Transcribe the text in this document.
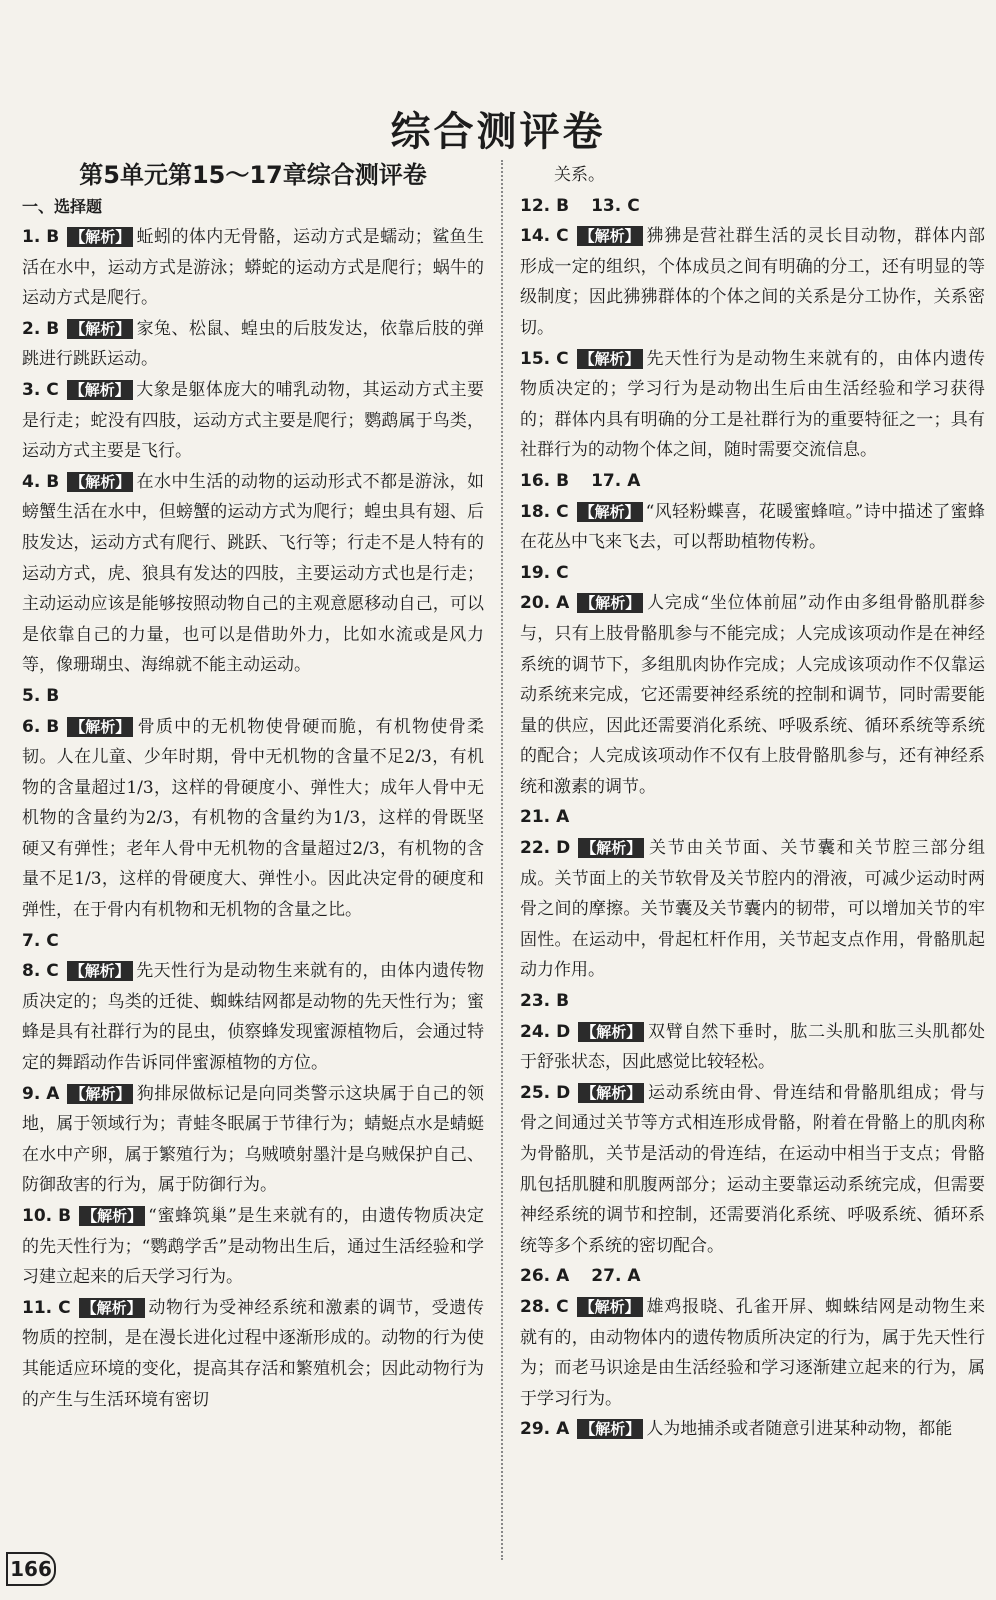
综合测评卷
第5单元第15～17章综合测评卷
一、选择题
1. B 【解析】 蚯蚓的体内无骨骼，运动方式是蠕动；鲨鱼生活在水中，运动方式是游泳；蟒蛇的运动方式是爬行；蜗牛的运动方式是爬行。
2. B 【解析】 家兔、松鼠、蝗虫的后肢发达，依靠后肢的弹跳进行跳跃运动。
3. C 【解析】 大象是躯体庞大的哺乳动物，其运动方式主要是行走；蛇没有四肢，运动方式主要是爬行；鹦鹉属于鸟类，运动方式主要是飞行。
4. B 【解析】 在水中生活的动物的运动形式不都是游泳，如螃蟹生活在水中，但螃蟹的运动方式为爬行；蝗虫具有翅、后肢发达，运动方式有爬行、跳跃、飞行等；行走不是人特有的运动方式，虎、狼具有发达的四肢，主要运动方式也是行走；主动运动应该是能够按照动物自己的主观意愿移动自己，可以是依靠自己的力量，也可以是借助外力，比如水流或是风力等，像珊瑚虫、海绵就不能主动运动。
5. B
6. B 【解析】 骨质中的无机物使骨硬而脆，有机物使骨柔韧。人在儿童、少年时期，骨中无机物的含量不足2/3，有机物的含量超过1/3，这样的骨硬度小、弹性大；成年人骨中无机物的含量约为2/3，有机物的含量约为1/3，这样的骨既坚硬又有弹性；老年人骨中无机物的含量超过2/3，有机物的含量不足1/3，这样的骨硬度大、弹性小。因此决定骨的硬度和弹性，在于骨内有机物和无机物的含量之比。
7. C
8. C 【解析】 先天性行为是动物生来就有的，由体内遗传物质决定的；鸟类的迁徙、蜘蛛结网都是动物的先天性行为；蜜蜂是具有社群行为的昆虫，侦察蜂发现蜜源植物后，会通过特定的舞蹈动作告诉同伴蜜源植物的方位。
9. A 【解析】 狗排尿做标记是向同类警示这块属于自己的领地，属于领域行为；青蛙冬眠属于节律行为；蜻蜓点水是蜻蜓在水中产卵，属于繁殖行为；乌贼喷射墨汁是乌贼保护自己、防御敌害的行为，属于防御行为。
10. B 【解析】 “蜜蜂筑巢”是生来就有的，由遗传物质决定的先天性行为；“鹦鹉学舌”是动物出生后，通过生活经验和学习建立起来的后天学习行为。
11. C 【解析】 动物行为受神经系统和激素的调节，受遗传物质的控制，是在漫长进化过程中逐渐形成的。动物的行为使其能适应环境的变化，提高其存活和繁殖机会；因此动物行为的产生与生活环境有密切
关系。
12. B 13. C
14. C 【解析】 狒狒是营社群生活的灵长目动物，群体内部形成一定的组织，个体成员之间有明确的分工，还有明显的等级制度；因此狒狒群体的个体之间的关系是分工协作，关系密切。
15. C 【解析】 先天性行为是动物生来就有的，由体内遗传物质决定的；学习行为是动物出生后由生活经验和学习获得的；群体内具有明确的分工是社群行为的重要特征之一；具有社群行为的动物个体之间，随时需要交流信息。
16. B 17. A
18. C 【解析】 “风轻粉蝶喜，花暖蜜蜂喧。”诗中描述了蜜蜂在花丛中飞来飞去，可以帮助植物传粉。
19. C
20. A 【解析】 人完成“坐位体前屈”动作由多组骨骼肌群参与，只有上肢骨骼肌参与不能完成；人完成该项动作是在神经系统的调节下，多组肌肉协作完成；人完成该项动作不仅靠运动系统来完成，它还需要神经系统的控制和调节，同时需要能量的供应，因此还需要消化系统、呼吸系统、循环系统等系统的配合；人完成该项动作不仅有上肢骨骼肌参与，还有神经系统和激素的调节。
21. A
22. D 【解析】 关节由关节面、关节囊和关节腔三部分组成。关节面上的关节软骨及关节腔内的滑液，可减少运动时两骨之间的摩擦。关节囊及关节囊内的韧带，可以增加关节的牢固性。在运动中，骨起杠杆作用，关节起支点作用，骨骼肌起动力作用。
23. B
24. D 【解析】 双臂自然下垂时，肱二头肌和肱三头肌都处于舒张状态，因此感觉比较轻松。
25. D 【解析】 运动系统由骨、骨连结和骨骼肌组成；骨与骨之间通过关节等方式相连形成骨骼，附着在骨骼上的肌肉称为骨骼肌，关节是活动的骨连结，在运动中相当于支点；骨骼肌包括肌腱和肌腹两部分；运动主要靠运动系统完成，但需要神经系统的调节和控制，还需要消化系统、呼吸系统、循环系统等多个系统的密切配合。
26. A 27. A
28. C 【解析】 雄鸡报晓、孔雀开屏、蜘蛛结网是动物生来就有的，由动物体内的遗传物质所决定的行为，属于先天性行为；而老马识途是由生活经验和学习逐渐建立起来的行为，属于学习行为。
29. A 【解析】 人为地捕杀或者随意引进某种动物，都能
166
